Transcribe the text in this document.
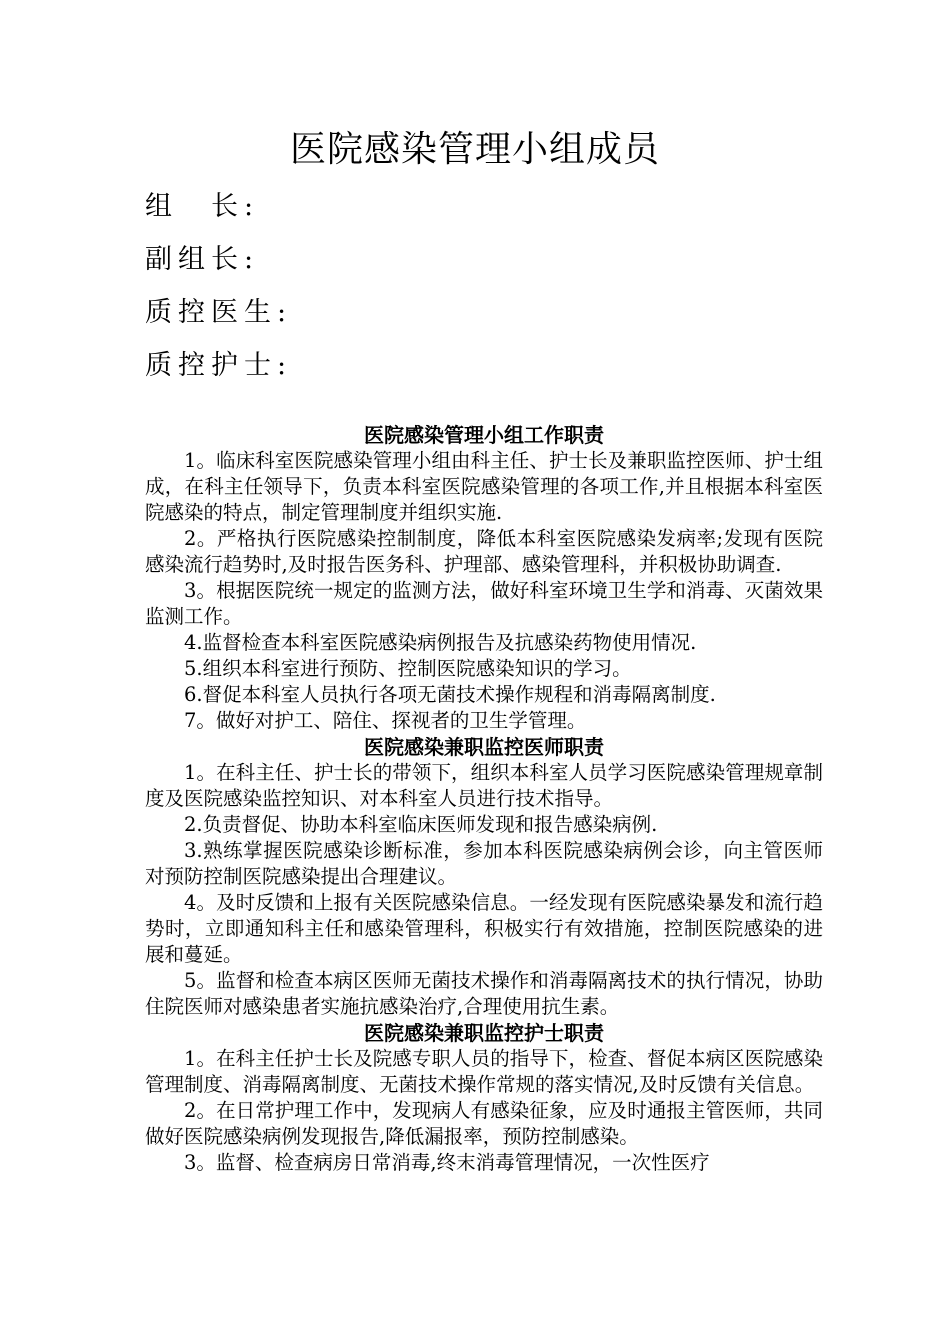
医院感染管理小组成员
组　长:
副组长:
质控医生:
质控护士:
医院感染管理小组工作职责

1。临床科室医院感染管理小组由科主任、护士长及兼职监控医师、护士组成，在科主任领导下，负责本科室医院感染管理的各项工作,并且根据本科室医院感染的特点，制定管理制度并组织实施.

2。严格执行医院感染控制制度，降低本科室医院感染发病率;发现有医院感染流行趋势时,及时报告医务科、护理部、感染管理科，并积极协助调查.

3。根据医院统一规定的监测方法，做好科室环境卫生学和消毒、灭菌效果监测工作。

4.监督检查本科室医院感染病例报告及抗感染药物使用情况.

5.组织本科室进行预防、控制医院感染知识的学习。

6.督促本科室人员执行各项无菌技术操作规程和消毒隔离制度.

7。做好对护工、陪住、探视者的卫生学管理。

医院感染兼职监控医师职责

1。在科主任、护士长的带领下，组织本科室人员学习医院感染管理规章制度及医院感染监控知识、对本科室人员进行技术指导。

2.负责督促、协助本科室临床医师发现和报告感染病例.

3.熟练掌握医院感染诊断标准，参加本科医院感染病例会诊，向主管医师对预防控制医院感染提出合理建议。

4。及时反馈和上报有关医院感染信息。一经发现有医院感染暴发和流行趋势时，立即通知科主任和感染管理科，积极实行有效措施，控制医院感染的进展和蔓延。

5。监督和检查本病区医师无菌技术操作和消毒隔离技术的执行情况，协助住院医师对感染患者实施抗感染治疗,合理使用抗生素。

医院感染兼职监控护士职责

1。在科主任护士长及院感专职人员的指导下，检查、督促本病区医院感染管理制度、消毒隔离制度、无菌技术操作常规的落实情况,及时反馈有关信息。

2。在日常护理工作中，发现病人有感染征象，应及时通报主管医师，共同做好医院感染病例发现报告,降低漏报率，预防控制感染。

3。监督、检查病房日常消毒,终末消毒管理情况，一次性医疗
